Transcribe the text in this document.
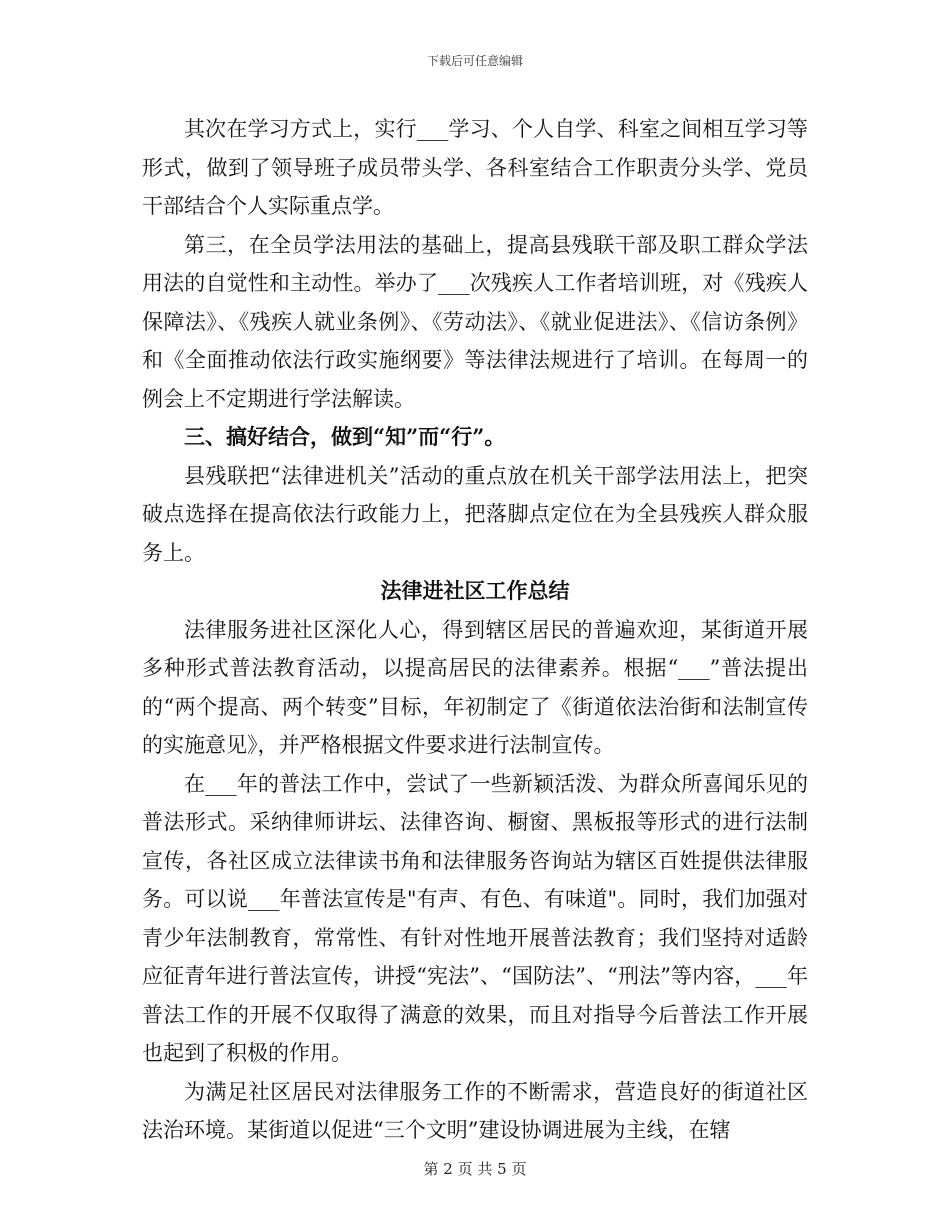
下载后可任意编辑

其次在学习方式上，实行___学习、个人自学、科室之间相互学习等形式，做到了领导班子成员带头学、各科室结合工作职责分头学、党员干部结合个人实际重点学。

第三，在全员学法用法的基础上，提高县残联干部及职工群众学法用法的自觉性和主动性。举办了___次残疾人工作者培训班，对《残疾人保障法》、《残疾人就业条例》、《劳动法》、《就业促进法》、《信访条例》和《全面推动依法行政实施纲要》等法律法规进行了培训。在每周一的例会上不定期进行学法解读。

三、搞好结合，做到“知”而“行”。

县残联把“法律进机关”活动的重点放在机关干部学法用法上，把突破点选择在提高依法行政能力上，把落脚点定位在为全县残疾人群众服务上。

法律进社区工作总结

法律服务进社区深化人心，得到辖区居民的普遍欢迎，某街道开展多种形式普法教育活动，以提高居民的法律素养。根据“___”普法提出的“两个提高、两个转变”目标，年初制定了《街道依法治街和法制宣传的实施意见》，并严格根据文件要求进行法制宣传。

在___年的普法工作中，尝试了一些新颖活泼、为群众所喜闻乐见的普法形式。采纳律师讲坛、法律咨询、橱窗、黑板报等形式的进行法制宣传，各社区成立法律读书角和法律服务咨询站为辖区百姓提供法律服务。可以说___年普法宣传是"有声、有色、有味道"。同时，我们加强对青少年法制教育，常常性、有针对性地开展普法教育；我们坚持对适龄应征青年进行普法宣传，讲授“宪法”、“国防法”、“刑法”等内容，___年普法工作的开展不仅取得了满意的效果，而且对指导今后普法工作开展也起到了积极的作用。

为满足社区居民对法律服务工作的不断需求，营造良好的街道社区法治环境。某街道以促进“三个文明”建设协调进展为主线，在辖

第 2 页 共 5 页
